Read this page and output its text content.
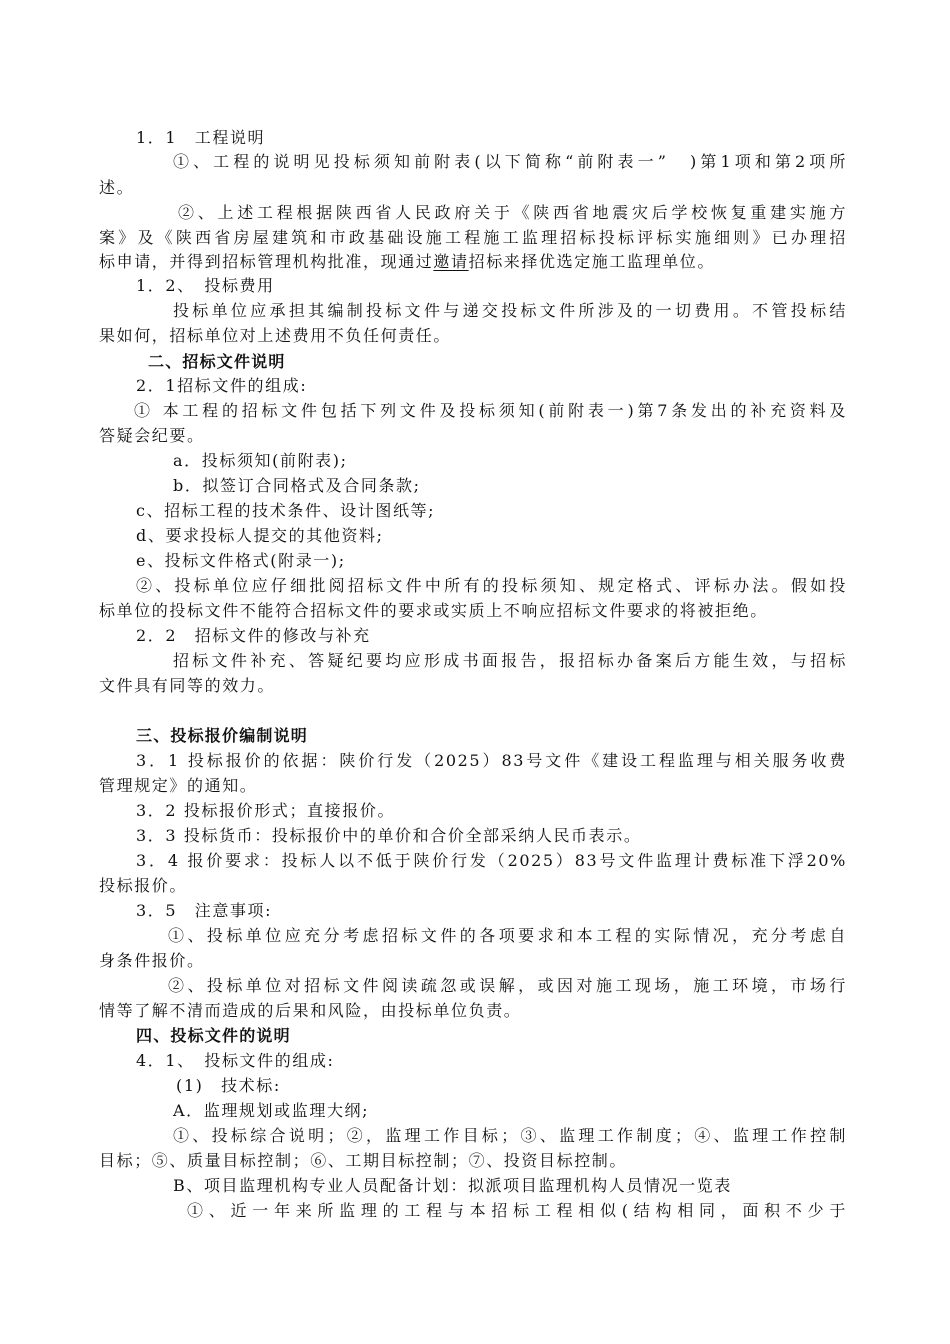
1．1　工程说明
①、工程的说明见投标须知前附表(以下简称“前附表一”　)第1项和第2项所
述。
②、上述工程根据陕西省人民政府关于《陕西省地震灾后学校恢复重建实施方
案》及《陕西省房屋建筑和市政基础设施工程施工监理招标投标评标实施细则》已办理招
标申请，并得到招标管理机构批准，现通过邀请招标来择优选定施工监理单位。
1．2、　投标费用
投标单位应承担其编制投标文件与递交投标文件所涉及的一切费用。不管投标结
果如何，招标单位对上述费用不负任何责任。
二、招标文件说明
2．1招标文件的组成:
① 本工程的招标文件包括下列文件及投标须知(前附表一)第7条发出的补充资料及
答疑会纪要。
a．投标须知(前附表);
b．拟签订合同格式及合同条款;
c、招标工程的技术条件、设计图纸等;
d、要求投标人提交的其他资料;
e、投标文件格式(附录一);
②、投标单位应仔细批阅招标文件中所有的投标须知、规定格式、评标办法。假如投
标单位的投标文件不能符合招标文件的要求或实质上不响应招标文件要求的将被拒绝。
2．2　招标文件的修改与补充
招标文件补充、答疑纪要均应形成书面报告，报招标办备案后方能生效，与招标
文件具有同等的效力。
三、投标报价编制说明
3．1 投标报价的依据：陕价行发（2025）83号文件《建设工程监理与相关服务收费
管理规定》的通知。
3．2 投标报价形式；直接报价。
3．3 投标货币：投标报价中的单价和合价全部采纳人民币表示。
3．4 报价要求：投标人以不低于陕价行发（2025）83号文件监理计费标准下浮20%
投标报价。
3．5　注意事项:
①、投标单位应充分考虑招标文件的各项要求和本工程的实际情况，充分考虑自
身条件报价。
②、投标单位对招标文件阅读疏忽或误解，或因对施工现场，施工环境，市场行
情等了解不清而造成的后果和风险，由投标单位负责。
四、投标文件的说明
4．1、　投标文件的组成:
(1)　技术标:
A．监理规划或监理大纲;
①、投标综合说明；②，监理工作目标；③、监理工作制度；④、监理工作控制
目标；⑤、质量目标控制；⑥、工期目标控制；⑦、投资目标控制。
B、项目监理机构专业人员配备计划：拟派项目监理机构人员情况一览表
①、近一年来所监理的工程与本招标工程相似(结构相同，面积不少于
